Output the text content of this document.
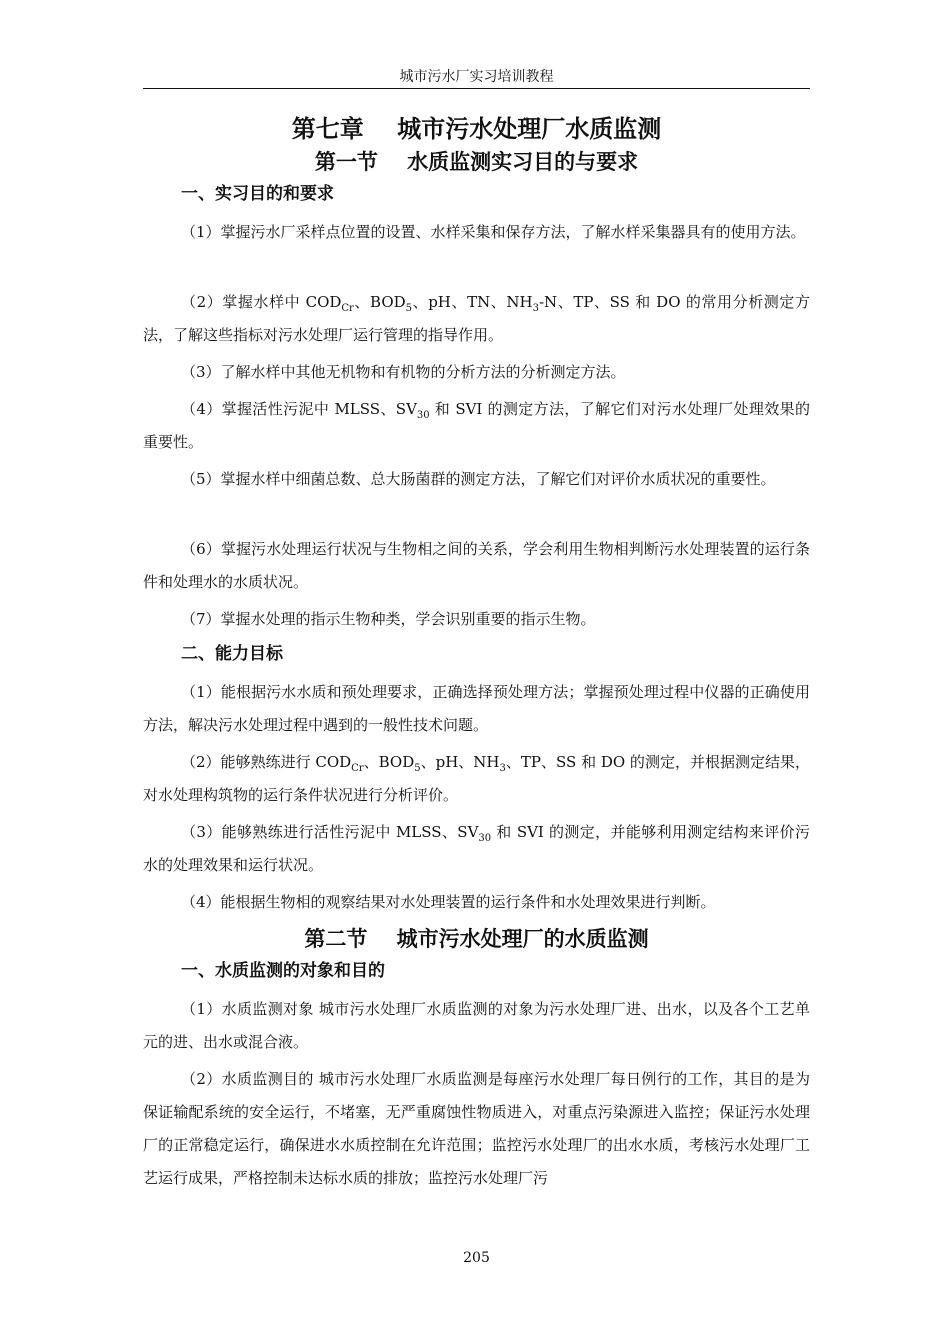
城市污水厂实习培训教程
第七章    城市污水处理厂水质监测
第一节    水质监测实习目的与要求
一、实习目的和要求

（1）掌握污水厂采样点位置的设置、水样采集和保存方法，了解水样采集器具有的使用方法。

（2）掌握水样中 $COD_{Cr}$、$BOD_5$、pH、TN、$NH_3-N$、TP、SS 和 DO 的常用分析测定方法，了解这些指标对污水处理厂运行管理的指导作用。

（3）了解水样中其他无机物和有机物的分析方法的分析测定方法。

（4）掌握活性污泥中 MLSS、$SV_{30}$ 和 SVI 的测定方法，了解它们对污水处理厂处理效果的重要性。

（5）掌握水样中细菌总数、总大肠菌群的测定方法，了解它们对评价水质状况的重要性。

（6）掌握污水处理运行状况与生物相之间的关系，学会利用生物相判断污水处理装置的运行条件和处理水的水质状况。

（7）掌握水处理的指示生物种类，学会识别重要的指示生物。

二、能力目标

（1）能根据污水水质和预处理要求，正确选择预处理方法；掌握预处理过程中仪器的正确使用方法，解决污水处理过程中遇到的一般性技术问题。

（2）能够熟练进行 $COD_{Cr}$、$BOD_5$、pH、$NH_3$、TP、SS 和 DO 的测定，并根据测定结果，对水处理构筑物的运行条件状况进行分析评价。

（3）能够熟练进行活性污泥中 MLSS、$SV_{30}$ 和 SVI 的测定，并能够利用测定结构来评价污水的处理效果和运行状况。

（4）能根据生物相的观察结果对水处理装置的运行条件和水处理效果进行判断。

第二节    城市污水处理厂的水质监测
一、水质监测的对象和目的

（1）水质监测对象 城市污水处理厂水质监测的对象为污水处理厂进、出水，以及各个工艺单元的进、出水或混合液。

（2）水质监测目的 城市污水处理厂水质监测是每座污水处理厂每日例行的工作，其目的是为保证输配系统的安全运行，不堵塞，无严重腐蚀性物质进入，对重点污染源进入监控；保证污水处理厂的正常稳定运行，确保进水水质控制在允许范围；监控污水处理厂的出水水质，考核污水处理厂工艺运行成果，严格控制未达标水质的排放；监控污水处理厂污

205
